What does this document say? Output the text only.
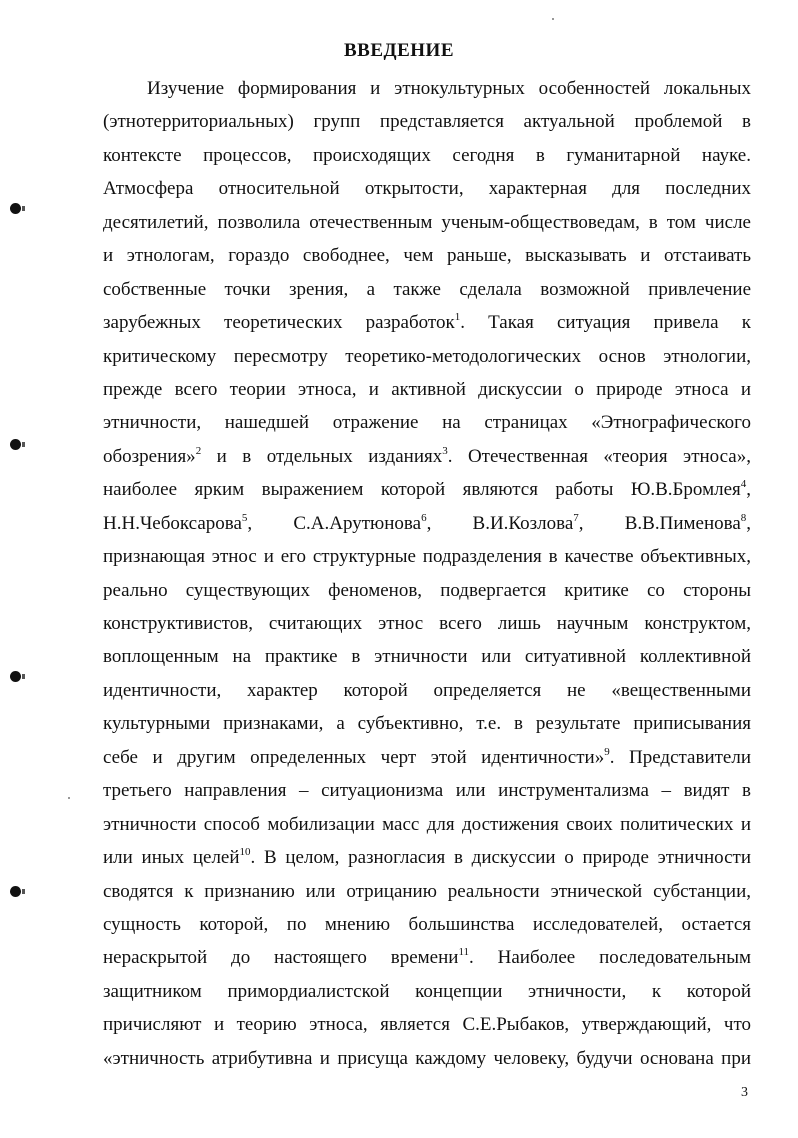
ВВЕДЕНИЕ
Изучение формирования и этнокультурных особенностей локальных
(этнотерриториальных) групп представляется актуальной проблемой в
контексте процессов, происходящих сегодня в гуманитарной науке.
Атмосфера относительной открытости, характерная для последних
десятилетий, позволила отечественным ученым-обществоведам, в том числе
и этнологам, гораздо свободнее, чем раньше, высказывать и отстаивать
собственные точки зрения, а также сделала возможной привлечение
зарубежных теоретических разработок$^1$. Такая ситуация привела к
критическому пересмотру теоретико-методологических основ этнологии,
прежде всего теории этноса, и активной дискуссии о природе этноса и
этничности, нашедшей отражение на страницах «Этнографического
обозрения»$^2$ и в отдельных изданиях$^3$. Отечественная «теория этноса»,
наиболее ярким выражением которой являются работы Ю.В.Бромлея$^4$,
Н.Н.Чебоксарова$^5$, С.А.Арутюнова$^6$, В.И.Козлова$^7$, В.В.Пименова$^8$,
признающая этнос и его структурные подразделения в качестве объективных,
реально существующих феноменов, подвергается критике со стороны
конструктивистов, считающих этнос всего лишь научным конструктом,
воплощенным на практике в этничности или ситуативной коллективной
идентичности, характер которой определяется не «вещественными
культурными признаками, а субъективно, т.е. в результате приписывания
себе и другим определенных черт этой идентичности»$^9$. Представители
третьего направления – ситуационизма или инструментализма – видят в
этничности способ мобилизации масс для достижения своих политических и
или иных целей$^{10}$. В целом, разногласия в дискуссии о природе этничности
сводятся к признанию или отрицанию реальности этнической субстанции,
сущность которой, по мнению большинства исследователей, остается
нераскрытой до настоящего времени$^{11}$. Наиболее последовательным
защитником примордиалистской концепции этничности, к которой
причисляют и теорию этноса, является С.Е.Рыбаков, утверждающий, что
«этничность атрибутивна и присуща каждому человеку, будучи основана при
3
